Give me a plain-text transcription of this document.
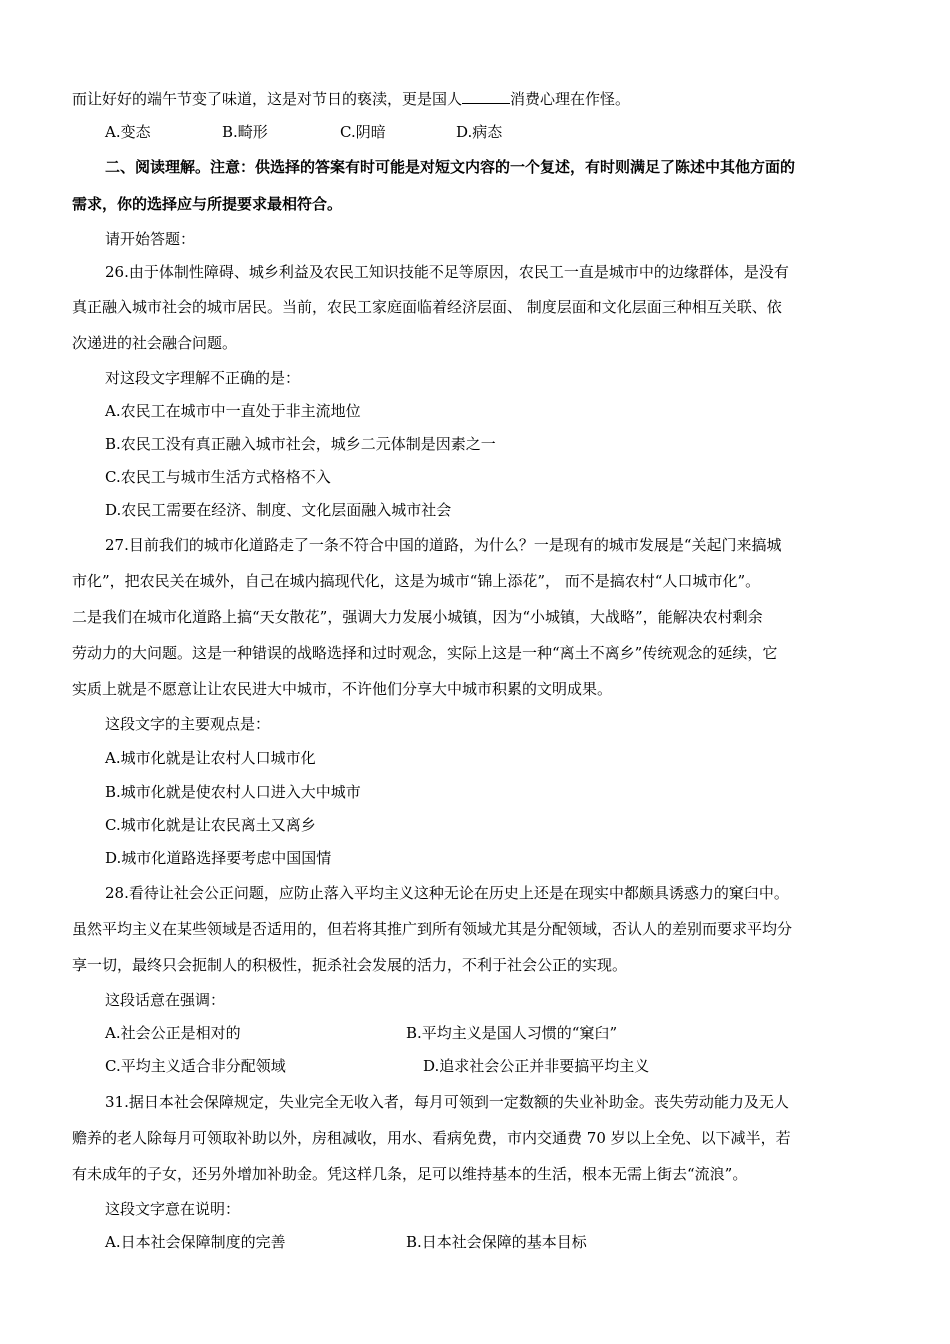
而让好好的端午节变了味道，这是对节日的亵渎，更是国人	消费心理在作怪。
A.变态	B.畸形	C.阴暗	D.病态
二、阅读理解。注意：供选择的答案有时可能是对短文内容的一个复述，有时则满足了陈述中其他方面的
需求，你的选择应与所提要求最相符合。
请开始答题：
26.由于体制性障碍、城乡利益及农民工知识技能不足等原因，农民工一直是城市中的边缘群体，是没有
真正融入城市社会的城市居民。当前，农民工家庭面临着经济层面、 制度层面和文化层面三种相互关联、依
次递进的社会融合问题。
对这段文字理解不正确的是：
A.农民工在城市中一直处于非主流地位
B.农民工没有真正融入城市社会，城乡二元体制是因素之一
C.农民工与城市生活方式格格不入
D.农民工需要在经济、制度、文化层面融入城市社会
27.目前我们的城市化道路走了一条不符合中国的道路，为什么？一是现有的城市发展是“关起门来搞城
市化”，把农民关在城外，自己在城内搞现代化，这是为城市“锦上添花”， 而不是搞农村“人口城市化”。
二是我们在城市化道路上搞“天女散花”，强调大力发展小城镇，因为“小城镇，大战略”，能解决农村剩余
劳动力的大问题。这是一种错误的战略选择和过时观念，实际上这是一种“离土不离乡”传统观念的延续，它
实质上就是不愿意让让农民进大中城市，不许他们分享大中城市积累的文明成果。
这段文字的主要观点是：
A.城市化就是让农村人口城市化
B.城市化就是使农村人口进入大中城市
C.城市化就是让农民离土又离乡
D.城市化道路选择要考虑中国国情
28.看待让社会公正问题，应防止落入平均主义这种无论在历史上还是在现实中都颇具诱惑力的窠臼中。
虽然平均主义在某些领域是否适用的，但若将其推广到所有领域尤其是分配领域，否认人的差别而要求平均分
享一切，最终只会扼制人的积极性，扼杀社会发展的活力，不利于社会公正的实现。
这段话意在强调：
A.社会公正是相对的	B.平均主义是国人习惯的“窠臼”
C.平均主义适合非分配领域	D.追求社会公正并非要搞平均主义
31.据日本社会保障规定，失业完全无收入者，每月可领到一定数额的失业补助金。丧失劳动能力及无人
赡养的老人除每月可领取补助以外，房租减收，用水、看病免费，市内交通费 70 岁以上全免、以下减半，若
有未成年的子女，还另外增加补助金。凭这样几条，足可以维持基本的生活，根本无需上街去“流浪”。
这段文字意在说明：
A.日本社会保障制度的完善	B.日本社会保障的基本目标
